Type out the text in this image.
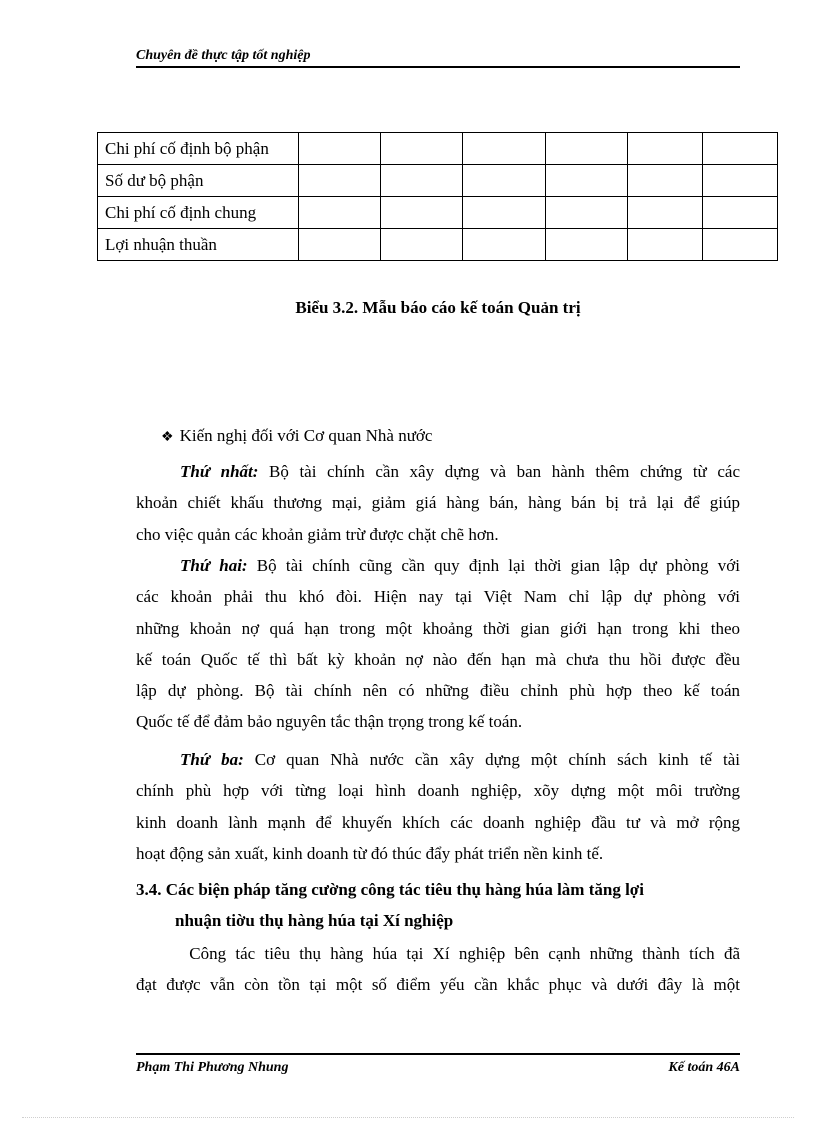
Chuyên đề thực tập tốt nghiệp
Chi phí cố định bộ phận						
Số dư bộ phận						
Chi phí cố định chung						
Lợi nhuận thuần						
Biểu 3.2. Mẫu báo cáo kế toán Quản trị
❖ Kiến nghị đối với Cơ quan Nhà nước
Thứ nhất: Bộ tài chính cần xây dựng và ban hành thêm chứng từ các
khoản chiết khấu thương mại, giảm giá hàng bán, hàng bán bị trả lại để giúp
cho việc quản các khoản giảm trừ được chặt chẽ hơn.
Thứ hai: Bộ tài chính cũng cần quy định lại thời gian lập dự phòng với
các khoản phải thu khó đòi. Hiện nay tại Việt Nam chỉ lập dự phòng với
những khoản nợ quá hạn trong một khoảng thời gian giới hạn trong khi theo
kế toán Quốc tế thì bất kỳ khoản nợ nào đến hạn mà chưa thu hồi được đều
lập dự phòng. Bộ tài chính nên có những điều chỉnh phù hợp theo kế toán
Quốc tế để đảm bảo nguyên tắc thận trọng trong kế toán.
Thứ ba: Cơ quan Nhà nước cần xây dựng một chính sách kinh tế tài
chính phù hợp với từng loại hình doanh nghiệp, xõy dựng một môi trường
kinh doanh lành mạnh để khuyến khích các doanh nghiệp đầu tư và mở rộng
hoạt động sản xuất, kinh doanh từ đó thúc đẩy phát triển nền kinh tế.
3.4. Các biện pháp tăng cường công tác tiêu thụ hàng húa làm tăng lợi
nhuận tiờu thụ hàng húa tại Xí nghiệp
Công tác tiêu thụ hàng húa tại Xí nghiệp bên cạnh những thành tích đã
đạt được vẫn còn tồn tại một số điểm yếu cần khắc phục và dưới đây là một
Phạm Thi Phương Nhung	Kế toán 46A
